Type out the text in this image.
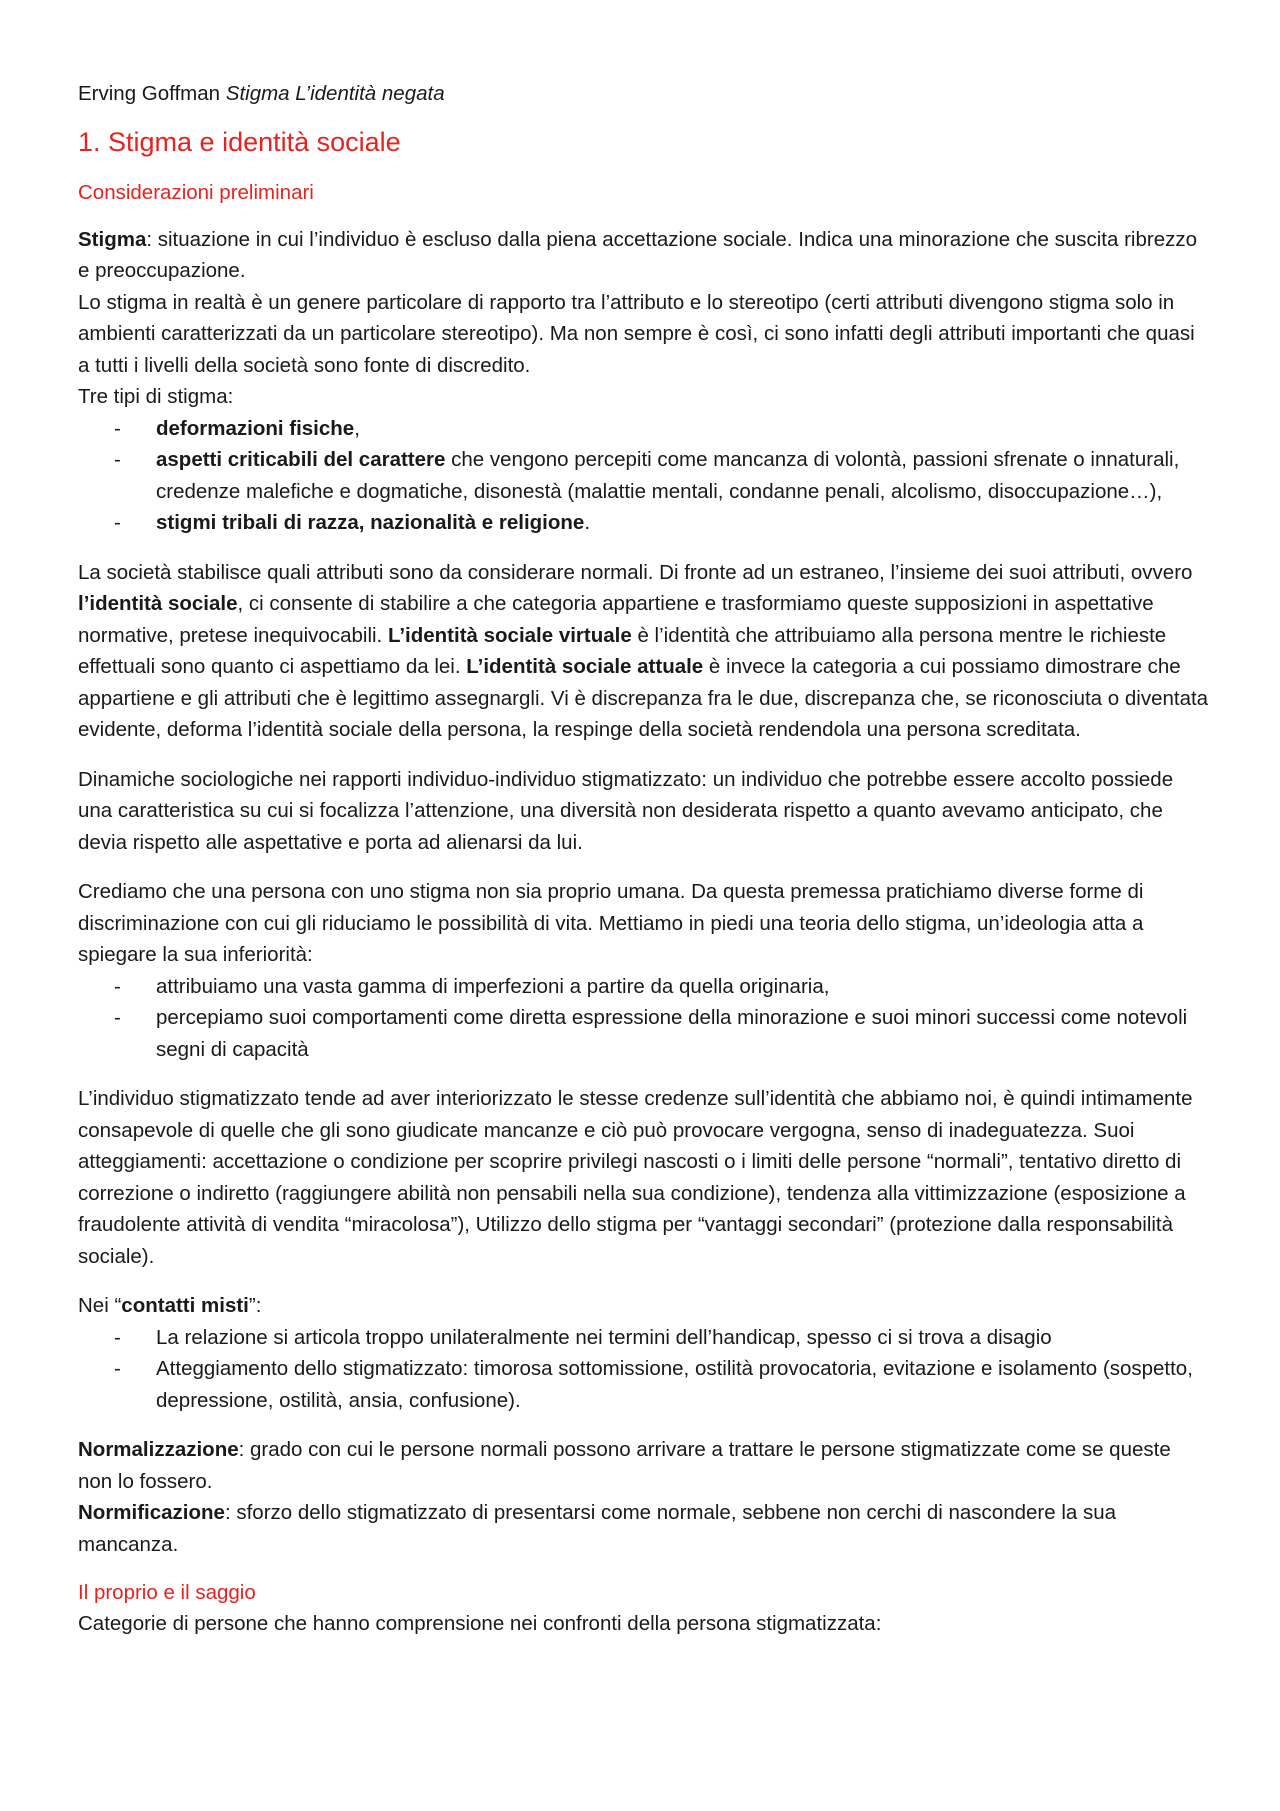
Erving Goffman Stigma L’identità negata

1. Stigma e identità sociale
Considerazioni preliminari

Stigma: situazione in cui l’individuo è escluso dalla piena accettazione sociale. Indica una minorazione che suscita ribrezzo e preoccupazione.

Lo stigma in realtà è un genere particolare di rapporto tra l’attributo e lo stereotipo (certi attributi divengono stigma solo in ambienti caratterizzati da un particolare stereotipo). Ma non sempre è così, ci sono infatti degli attributi importanti che quasi a tutti i livelli della società sono fonte di discredito.

Tre tipi di stigma:

- deformazioni fisiche,
- aspetti criticabili del carattere che vengono percepiti come mancanza di volontà, passioni sfrenate o innaturali, credenze malefiche e dogmatiche, disonestà (malattie mentali, condanne penali, alcolismo, disoccupazione…),
- stigmi tribali di razza, nazionalità e religione.

La società stabilisce quali attributi sono da considerare normali. Di fronte ad un estraneo, l’insieme dei suoi attributi, ovvero l’identità sociale, ci consente di stabilire a che categoria appartiene e trasformiamo queste supposizioni in aspettative normative, pretese inequivocabili. L’identità sociale virtuale è l’identità che attribuiamo alla persona mentre le richieste effettuali sono quanto ci aspettiamo da lei. L’identità sociale attuale è invece la categoria a cui possiamo dimostrare che appartiene e gli attributi che è legittimo assegnargli. Vi è discrepanza fra le due, discrepanza che, se riconosciuta o diventata evidente, deforma l’identità sociale della persona, la respinge della società rendendola una persona screditata.

Dinamiche sociologiche nei rapporti individuo-individuo stigmatizzato: un individuo che potrebbe essere accolto possiede una caratteristica su cui si focalizza l’attenzione, una diversità non desiderata rispetto a quanto avevamo anticipato, che devia rispetto alle aspettative e porta ad alienarsi da lui.

Crediamo che una persona con uno stigma non sia proprio umana. Da questa premessa pratichiamo diverse forme di discriminazione con cui gli riduciamo le possibilità di vita. Mettiamo in piedi una teoria dello stigma, un’ideologia atta a spiegare la sua inferiorità:

- attribuiamo una vasta gamma di imperfezioni a partire da quella originaria,
- percepiamo suoi comportamenti come diretta espressione della minorazione e suoi minori successi come notevoli segni di capacità

L’individuo stigmatizzato tende ad aver interiorizzato le stesse credenze sull’identità che abbiamo noi, è quindi intimamente consapevole di quelle che gli sono giudicate mancanze e ciò può provocare vergogna, senso di inadeguatezza. Suoi atteggiamenti: accettazione o condizione per scoprire privilegi nascosti o i limiti delle persone “normali”, tentativo diretto di correzione o indiretto (raggiungere abilità non pensabili nella sua condizione), tendenza alla vittimizzazione (esposizione a fraudolente attività di vendita “miracolosa”), Utilizzo dello stigma per “vantaggi secondari” (protezione dalla responsabilità sociale).

Nei “contatti misti”:

- La relazione si articola troppo unilateralmente nei termini dell’handicap, spesso ci si trova a disagio
- Atteggiamento dello stigmatizzato: timorosa sottomissione, ostilità provocatoria, evitazione e isolamento (sospetto, depressione, ostilità, ansia, confusione).

Normalizzazione: grado con cui le persone normali possono arrivare a trattare le persone stigmatizzate come se queste non lo fossero.

Normificazione: sforzo dello stigmatizzato di presentarsi come normale, sebbene non cerchi di nascondere la sua mancanza.

Il proprio e il saggio

Categorie di persone che hanno comprensione nei confronti della persona stigmatizzata:
